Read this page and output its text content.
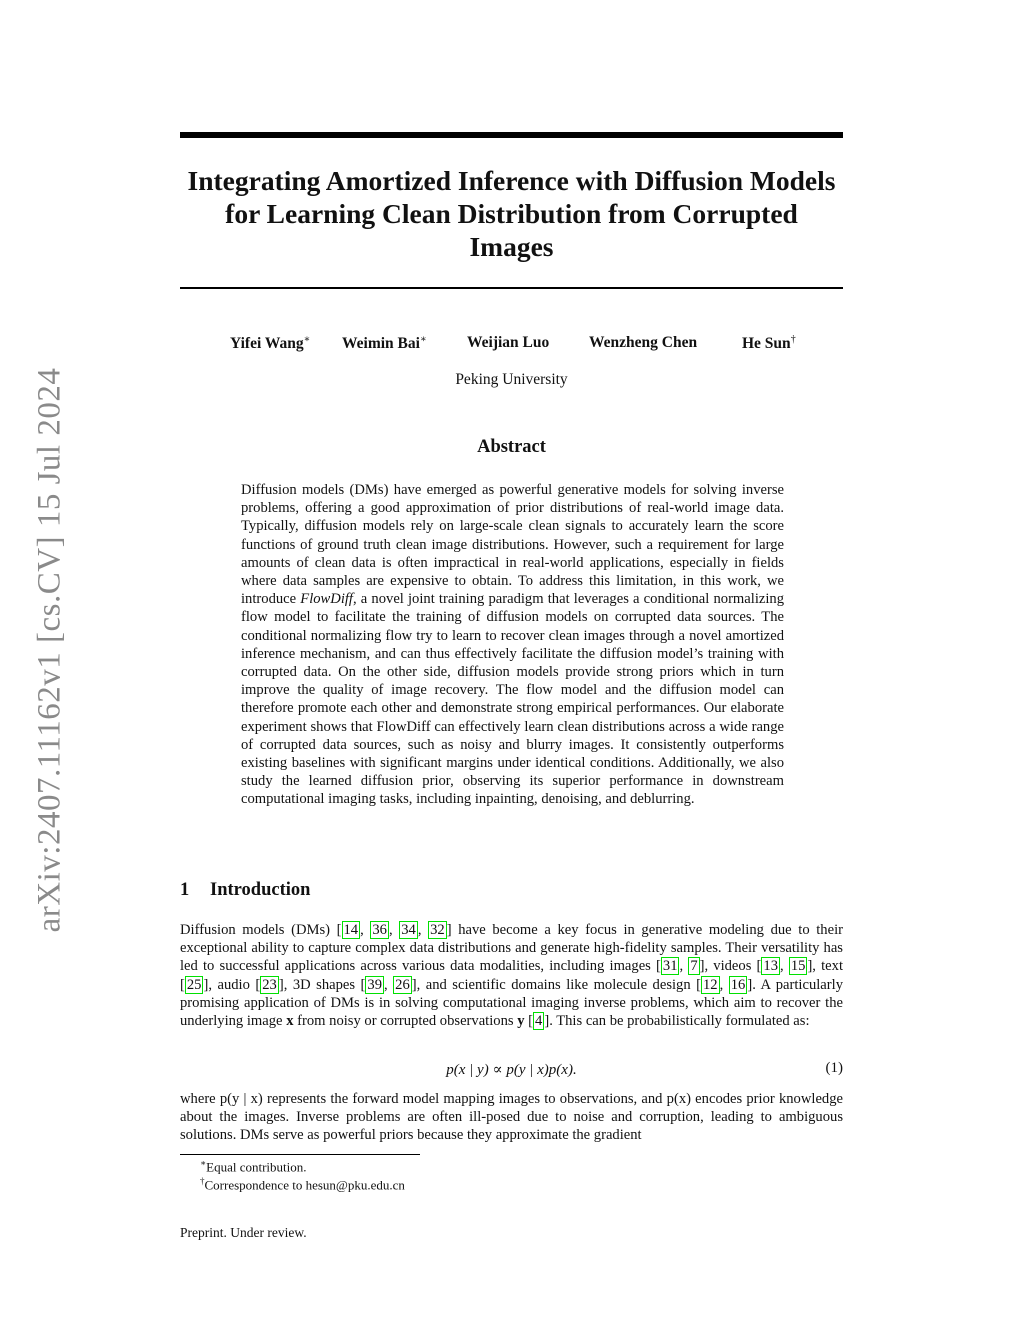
arXiv:2407.11162v1 [cs.CV] 15 Jul 2024
Integrating Amortized Inference with Diffusion Models for Learning Clean Distribution from Corrupted Images
Yifei Wang∗ Weimin Bai∗	Weijian Luo	Wenzheng Chen	He Sun†
Peking University
Abstract
Diffusion models (DMs) have emerged as powerful generative models for solving inverse problems, offering a good approximation of prior distributions of real-world image data. Typically, diffusion models rely on large-scale clean signals to accurately learn the score functions of ground truth clean image distributions. However, such a requirement for large amounts of clean data is often impractical in real-world applications, especially in fields where data samples are expensive to obtain. To address this limitation, in this work, we introduce FlowDiff, a novel joint training paradigm that leverages a conditional normalizing flow model to facilitate the training of diffusion models on corrupted data sources. The conditional normalizing flow try to learn to recover clean images through a novel amortized inference mechanism, and can thus effectively facilitate the diffusion model’s training with corrupted data. On the other side, diffusion models provide strong priors which in turn improve the quality of image recovery. The flow model and the diffusion model can therefore promote each other and demonstrate strong empirical performances. Our elaborate experiment shows that FlowDiff can effectively learn clean distributions across a wide range of corrupted data sources, such as noisy and blurry images. It consistently outperforms existing baselines with significant margins under identical conditions. Additionally, we also study the learned diffusion prior, observing its superior performance in downstream computational imaging tasks, including inpainting, denoising, and deblurring.
1 Introduction
Diffusion models (DMs) [ 14 , 36 , 34 , 32 ] have become a key focus in generative modeling due to their exceptional ability to capture complex data distributions and generate high-fidelity samples. Their versatility has led to successful applications across various data modalities, including images [ 31 , 7 ], videos [ 13 , 15 ], text [ 25 ], audio [ 23 ], 3D shapes [ 39 , 26 ], and scientific domains like molecule design [ 12 , 16 ]. A particularly promising application of DMs is in solving computational imaging inverse problems, which aim to recover the underlying image x from noisy or corrupted observations y [ 4 ]. This can be probabilistically formulated as:
p(x | y) ∝ p(y | x)p(x).	(1)
where p(y | x) represents the forward model mapping images to observations, and p(x) encodes prior knowledge about the images. Inverse problems are often ill-posed due to noise and corruption, leading to ambiguous solutions. DMs serve as powerful priors because they approximate the gradient
∗Equal contribution.
†Correspondence to hesun@pku.edu.cn
Preprint. Under review.
